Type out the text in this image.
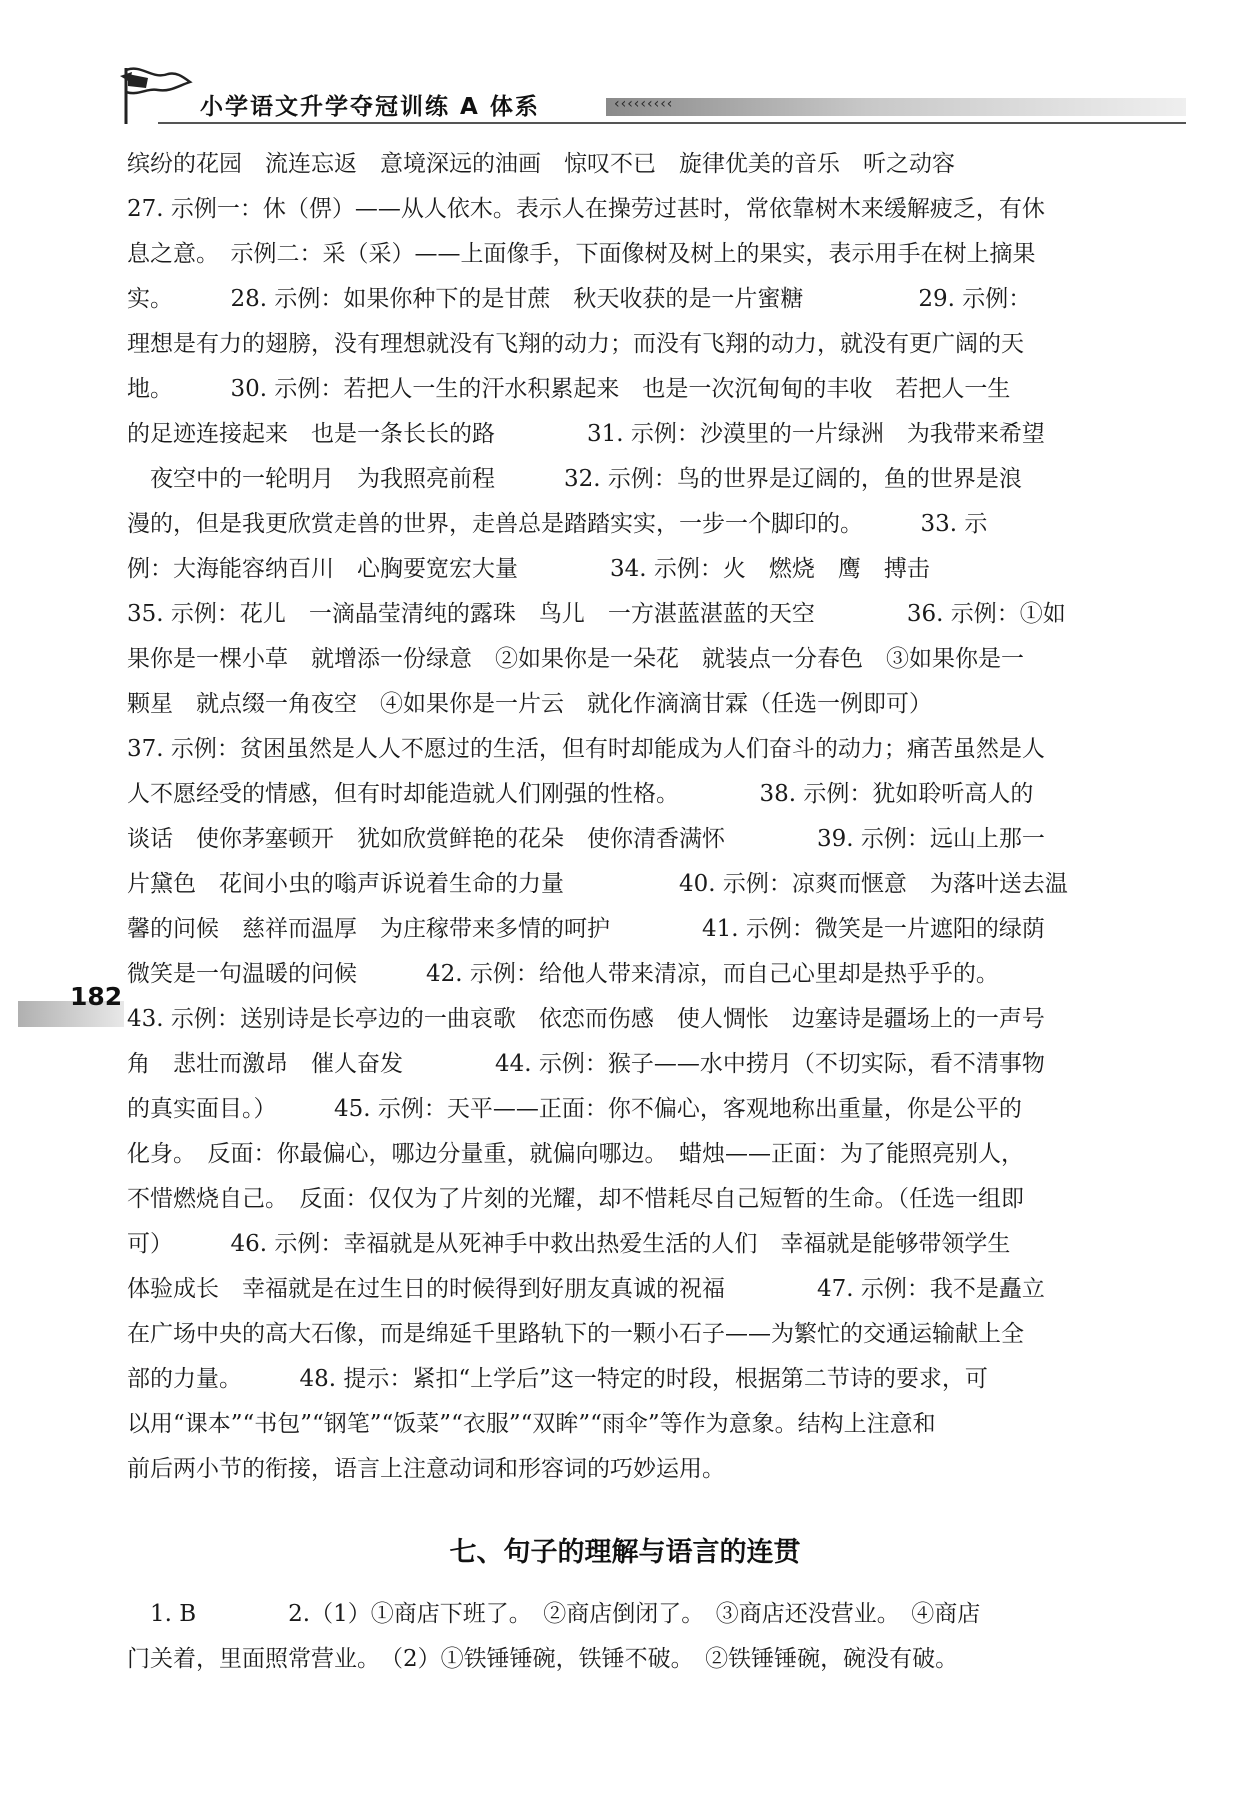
小学语文升学夺冠训练 A 体系	‹‹‹‹‹‹‹‹‹
182
缤纷的花园　流连忘返　意境深远的油画　惊叹不已　旋律优美的音乐　听之动容
27. 示例一：休（㑭）——从人依木。表示人在操劳过甚时，常依靠树木来缓解疲乏，有休
息之意。　示例二：采（采）——上面像手，下面像树及树上的果实，表示用手在树上摘果
实。　　　28. 示例：如果你种下的是甘蔗　秋天收获的是一片蜜糖　　　　　29. 示例：
理想是有力的翅膀，没有理想就没有飞翔的动力；而没有飞翔的动力，就没有更广阔的天
地。　　　30. 示例：若把人一生的汗水积累起来　也是一次沉甸甸的丰收　若把人一生
的足迹连接起来　也是一条长长的路　　　　31. 示例：沙漠里的一片绿洲　为我带来希望
　夜空中的一轮明月　为我照亮前程　　　32. 示例：鸟的世界是辽阔的，鱼的世界是浪
漫的，但是我更欣赏走兽的世界，走兽总是踏踏实实，一步一个脚印的。　　　33. 示
例：大海能容纳百川　心胸要宽宏大量　　　　34. 示例：火　燃烧　鹰　搏击
35. 示例：花儿　一滴晶莹清纯的露珠　鸟儿　一方湛蓝湛蓝的天空　　　　36. 示例：①如
果你是一棵小草　就增添一份绿意　②如果你是一朵花　就装点一分春色　③如果你是一
颗星　就点缀一角夜空　④如果你是一片云　就化作滴滴甘霖（任选一例即可）
37. 示例：贫困虽然是人人不愿过的生活，但有时却能成为人们奋斗的动力；痛苦虽然是人
人不愿经受的情感，但有时却能造就人们刚强的性格。　　　　38. 示例：犹如聆听高人的
谈话　使你茅塞顿开　犹如欣赏鲜艳的花朵　使你清香满怀　　　　39. 示例：远山上那一
片黛色　花间小虫的嗡声诉说着生命的力量　　　　　40. 示例：凉爽而惬意　为落叶送去温
馨的问候　慈祥而温厚　为庄稼带来多情的呵护　　　　41. 示例：微笑是一片遮阳的绿荫
微笑是一句温暖的问候　　　42. 示例：给他人带来清凉，而自己心里却是热乎乎的。
43. 示例：送别诗是长亭边的一曲哀歌　依恋而伤感　使人惆怅　边塞诗是疆场上的一声号
角　悲壮而激昂　催人奋发　　　　44. 示例：猴子——水中捞月（不切实际，看不清事物
的真实面目。）　　　45. 示例：天平——正面：你不偏心，客观地称出重量，你是公平的
化身。　反面：你最偏心，哪边分量重，就偏向哪边。　蜡烛——正面：为了能照亮别人，
不惜燃烧自己。　反面：仅仅为了片刻的光耀，却不惜耗尽自己短暂的生命。（任选一组即
可）　　　46. 示例：幸福就是从死神手中救出热爱生活的人们　幸福就是能够带领学生
体验成长　幸福就是在过生日的时候得到好朋友真诚的祝福　　　　47. 示例：我不是矗立
在广场中央的高大石像，而是绵延千里路轨下的一颗小石子——为繁忙的交通运输献上全
部的力量。　　　48. 提示：紧扣“上学后”这一特定的时段，根据第二节诗的要求，可
以用“课本”“书包”“钢笔”“饭菜”“衣服”“双眸”“雨伞”等作为意象。结构上注意和
前后两小节的衔接，语言上注意动词和形容词的巧妙运用。
七、句子的理解与语言的连贯
　1. B　　　　2.（1）①商店下班了。　②商店倒闭了。　③商店还没营业。　④商店
门关着，里面照常营业。　（2）①铁锤锤碗，铁锤不破。　②铁锤锤碗，碗没有破。
